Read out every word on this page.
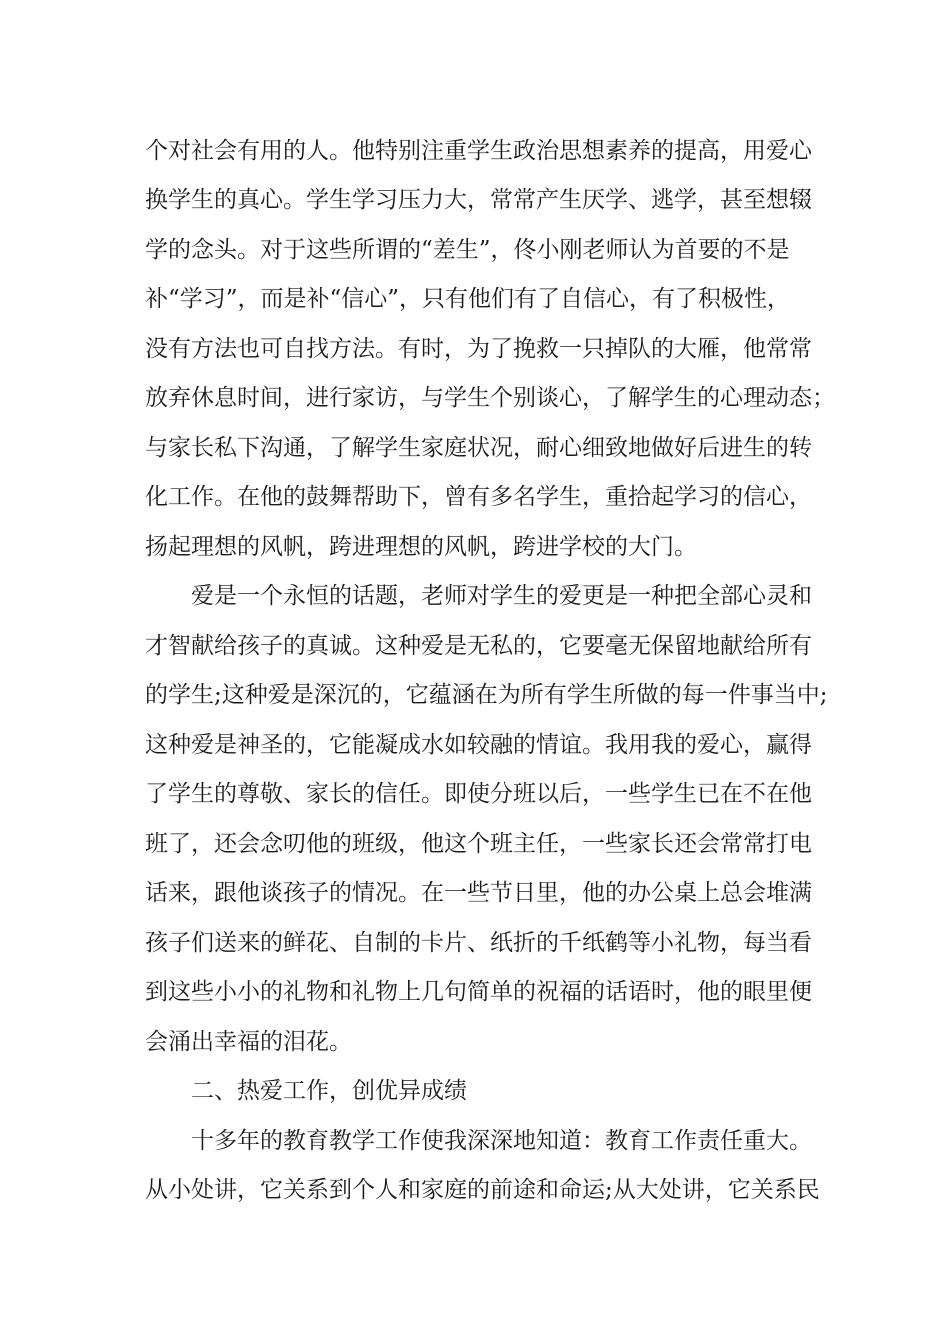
个对社会有用的人。他特别注重学生政治思想素养的提高，用爱心
换学生的真心。学生学习压力大，常常产生厌学、逃学，甚至想辍
学的念头。对于这些所谓的“差生”，佟小刚老师认为首要的不是
补“学习”，而是补“信心”，只有他们有了自信心，有了积极性，
没有方法也可自找方法。有时，为了挽救一只掉队的大雁，他常常
放弃休息时间，进行家访，与学生个别谈心，了解学生的心理动态；
与家长私下沟通，了解学生家庭状况，耐心细致地做好后进生的转
化工作。在他的鼓舞帮助下，曾有多名学生，重拾起学习的信心，
扬起理想的风帆，跨进理想的风帆，跨进学校的大门。
爱是一个永恒的话题，老师对学生的爱更是一种把全部心灵和
才智献给孩子的真诚。这种爱是无私的，它要毫无保留地献给所有
的学生;这种爱是深沉的，它蕴涵在为所有学生所做的每一件事当中;
这种爱是神圣的，它能凝成水如较融的情谊。我用我的爱心，赢得
了学生的尊敬、家长的信任。即使分班以后，一些学生已在不在他
班了，还会念叨他的班级，他这个班主任，一些家长还会常常打电
话来，跟他谈孩子的情况。在一些节日里，他的办公桌上总会堆满
孩子们送来的鲜花、自制的卡片、纸折的千纸鹤等小礼物，每当看
到这些小小的礼物和礼物上几句简单的祝福的话语时，他的眼里便
会涌出幸福的泪花。
二、热爱工作，创优异成绩
十多年的教育教学工作使我深深地知道：教育工作责任重大。
从小处讲，它关系到个人和家庭的前途和命运;从大处讲，它关系民
